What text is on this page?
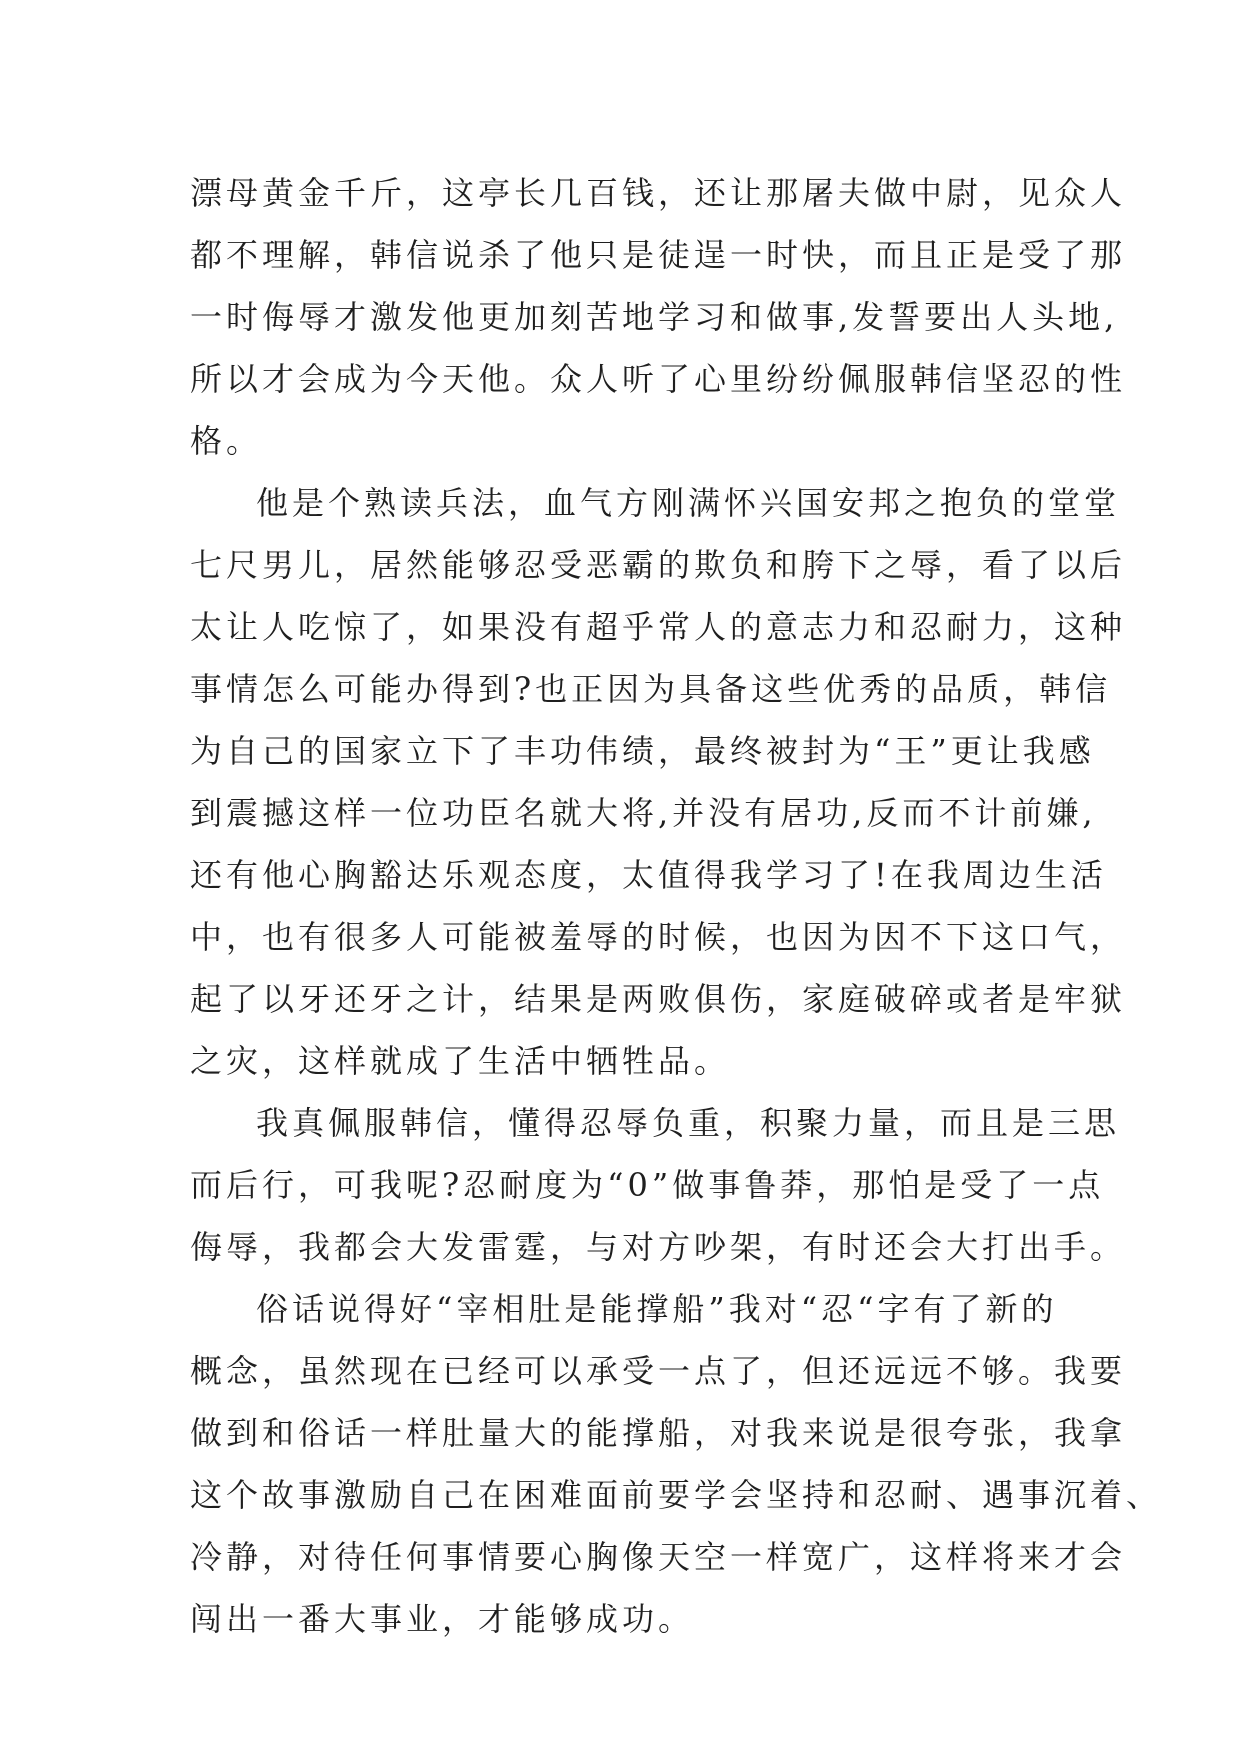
漂母黄金千斤，这亭长几百钱，还让那屠夫做中尉，见众人
都不理解，韩信说杀了他只是徒逞一时快，而且正是受了那
一时侮辱才激发他更加刻苦地学习和做事,发誓要出人头地,
所以才会成为今天他。众人听了心里纷纷佩服韩信坚忍的性
格。
他是个熟读兵法，血气方刚满怀兴国安邦之抱负的堂堂
七尺男儿，居然能够忍受恶霸的欺负和胯下之辱，看了以后
太让人吃惊了，如果没有超乎常人的意志力和忍耐力，这种
事情怎么可能办得到?也正因为具备这些优秀的品质，韩信
为自己的国家立下了丰功伟绩，最终被封为“王”更让我感
到震撼这样一位功臣名就大将,并没有居功,反而不计前嫌,
还有他心胸豁达乐观态度，太值得我学习了!在我周边生活
中，也有很多人可能被羞辱的时候，也因为因不下这口气，
起了以牙还牙之计，结果是两败俱伤，家庭破碎或者是牢狱
之灾，这样就成了生活中牺牲品。
我真佩服韩信，懂得忍辱负重，积聚力量，而且是三思
而后行，可我呢?忍耐度为“0”做事鲁莽，那怕是受了一点
侮辱，我都会大发雷霆，与对方吵架，有时还会大打出手。
俗话说得好“宰相肚是能撑船”我对“忍“字有了新的
概念，虽然现在已经可以承受一点了，但还远远不够。我要
做到和俗话一样肚量大的能撑船，对我来说是很夸张，我拿
这个故事激励自己在困难面前要学会坚持和忍耐、遇事沉着、
冷静，对待任何事情要心胸像天空一样宽广，这样将来才会
闯出一番大事业，才能够成功。
